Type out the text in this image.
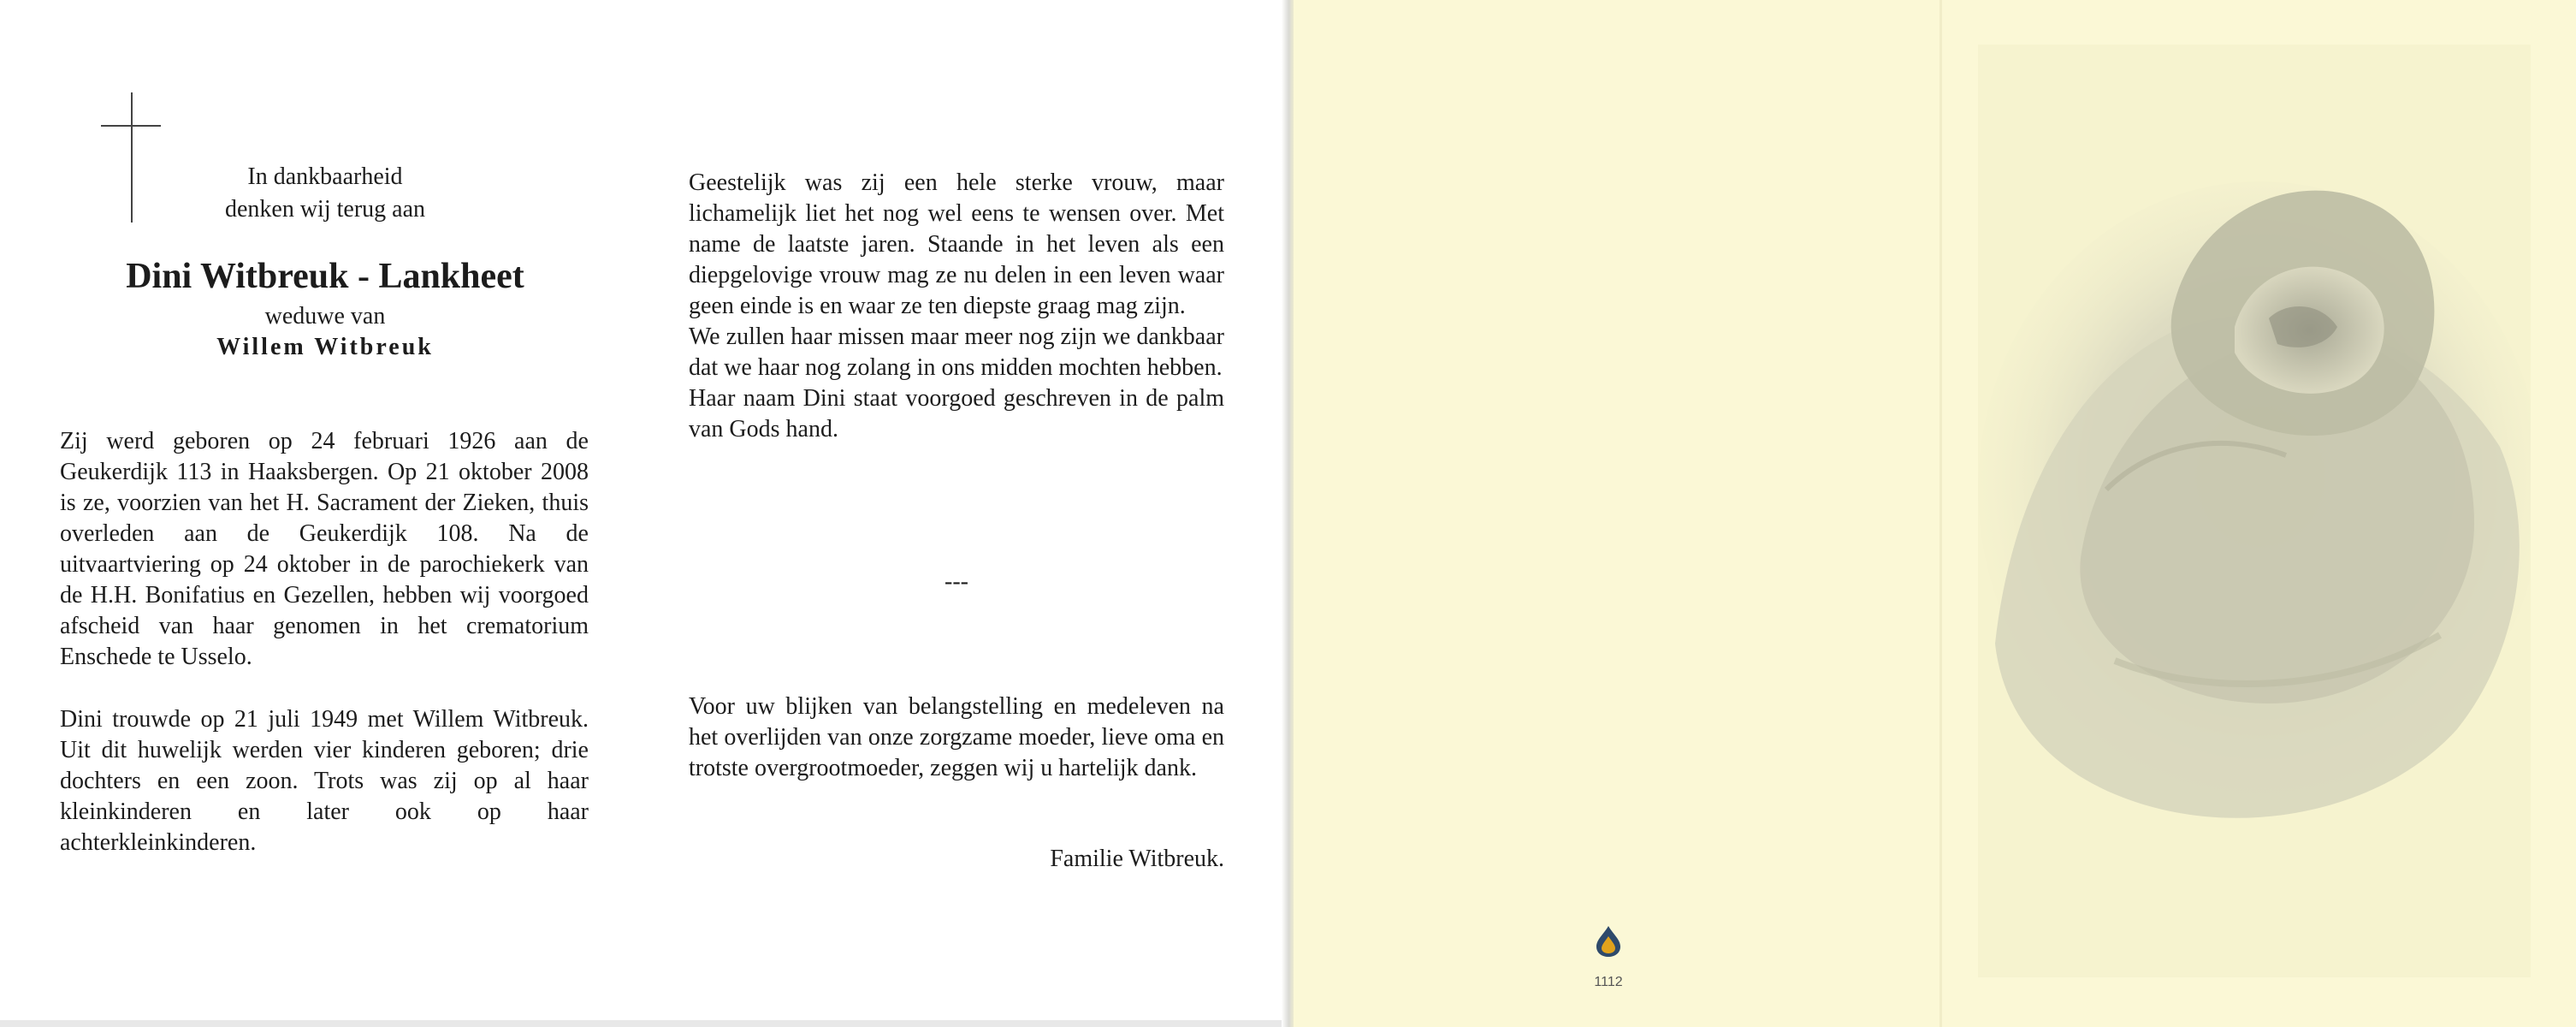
In dankbaarheid
denken wij terug aan
Dini Witbreuk - Lankheet
weduwe van
Willem Witbreuk

Zij werd geboren op 24 februari 1926 aan de Geukerdijk 113 in Haaksbergen. Op 21 oktober 2008 is ze, voorzien van het H. Sacrament der Zieken, thuis overleden aan de Geukerdijk 108. Na de uitvaartviering op 24 oktober in de parochiekerk van de H.H. Bonifatius en Gezellen, hebben wij voorgoed afscheid van haar genomen in het crematorium Enschede te Usselo.

Dini trouwde op 21 juli 1949 met Willem Witbreuk. Uit dit huwelijk werden vier kinderen geboren; drie dochters en een zoon. Trots was zij op al haar kleinkinderen en later ook op haar achterkleinkinderen.

Geestelijk was zij een hele sterke vrouw, maar lichamelijk liet het nog wel eens te wensen over. Met name de laatste jaren. Staande in het leven als een diepgelovige vrouw mag ze nu delen in een leven waar geen einde is en waar ze ten diepste graag mag zijn.
We zullen haar missen maar meer nog zijn we dankbaar dat we haar nog zolang in ons midden mochten hebben.
Haar naam Dini staat voorgoed geschreven in de palm van Gods hand.
---

Voor uw blijken van belangstelling en medeleven na het overlijden van onze zorgzame moeder, lieve oma en trotste overgrootmoeder, zeggen wij u hartelijk dank.

Familie Witbreuk.
1112
